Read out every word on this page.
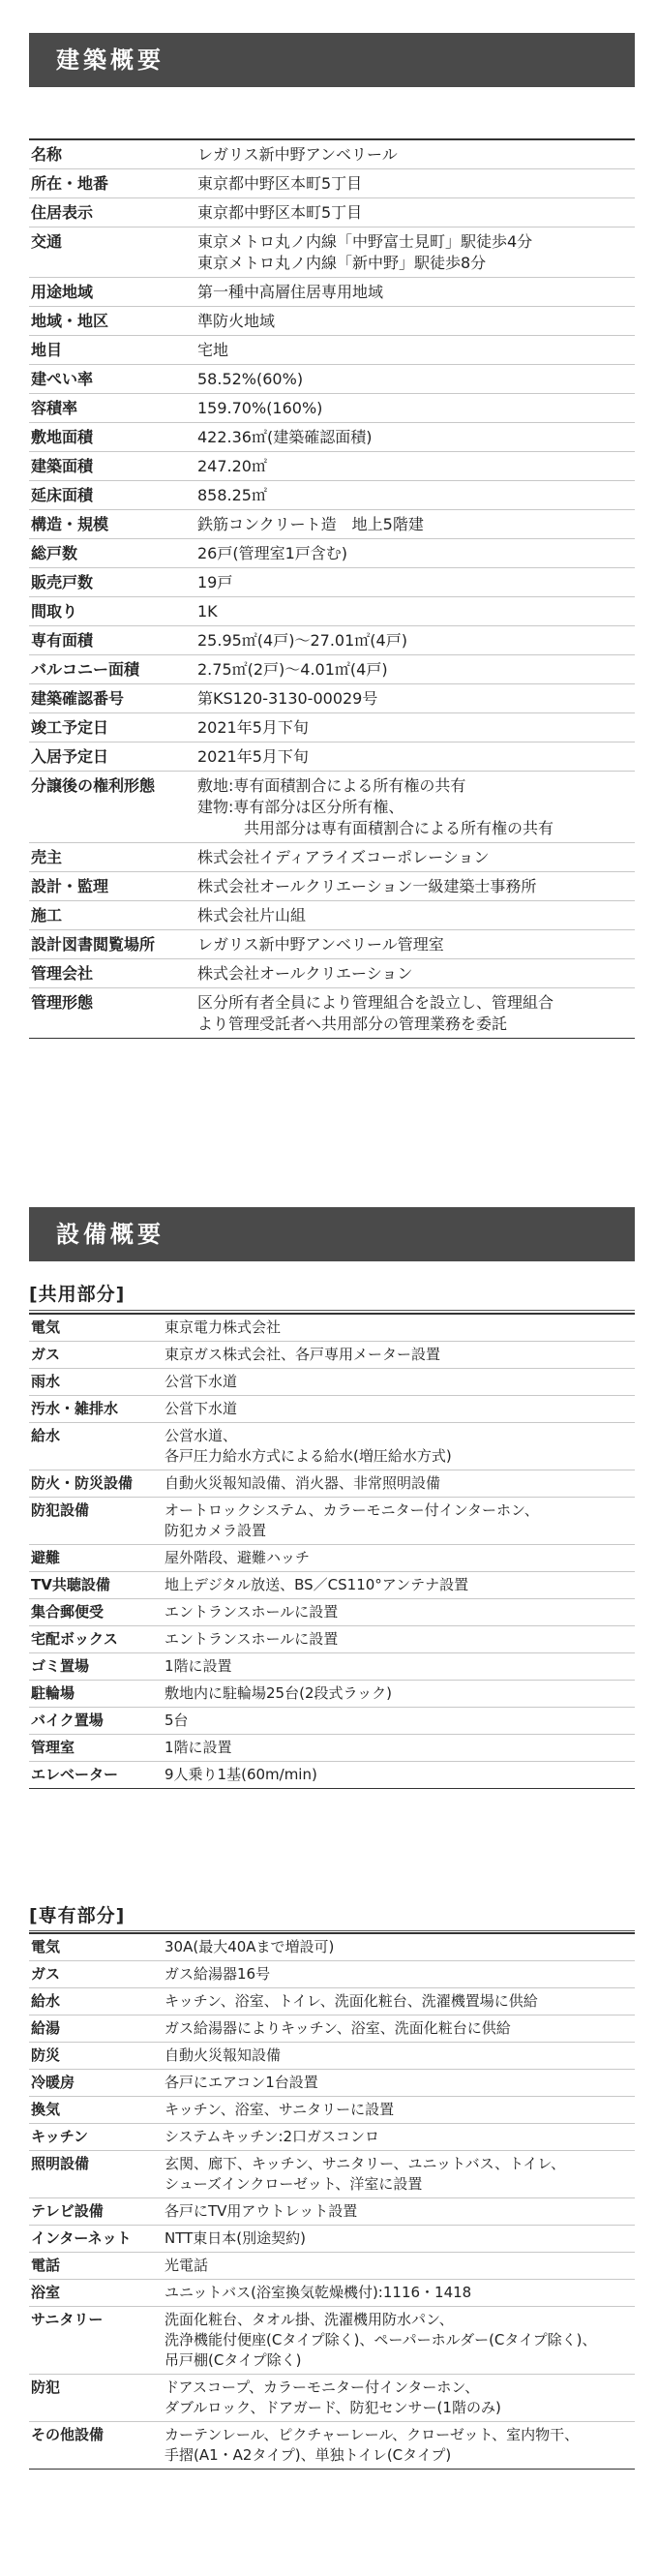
建築概要
名称	レガリス新中野アンベリール
所在・地番	東京都中野区本町5丁目
住居表示	東京都中野区本町5丁目
交通	東京メトロ丸ノ内線「中野富士見町」駅徒歩4分
東京メトロ丸ノ内線「新中野」駅徒歩8分
用途地域	第一種中高層住居専用地域
地域・地区	準防火地域
地目	宅地
建ぺい率	58.52%(60%)
容積率	159.70%(160%)
敷地面積	422.36㎡(建築確認面積)
建築面積	247.20㎡
延床面積	858.25㎡
構造・規模	鉄筋コンクリート造　地上5階建
総戸数	26戸(管理室1戸含む)
販売戸数	19戸
間取り	1K
専有面積	25.95㎡(4戸)～27.01㎡(4戸)
バルコニー面積	2.75㎡(2戸)～4.01㎡(4戸)
建築確認番号	第KS120-3130-00029号
竣工予定日	2021年5月下旬
入居予定日	2021年5月下旬
分譲後の権利形態	敷地:専有面積割合による所有権の共有
建物:専有部分は区分所有権、
　　　共用部分は専有面積割合による所有権の共有
売主	株式会社イディアライズコーポレーション
設計・監理	株式会社オールクリエーション一級建築士事務所
施工	株式会社片山組
設計図書閲覧場所	レガリス新中野アンベリール管理室
管理会社	株式会社オールクリエーション
管理形態	区分所有者全員により管理組合を設立し、管理組合
より管理受託者へ共用部分の管理業務を委託
設備概要
[共用部分]
電気	東京電力株式会社
ガス	東京ガス株式会社、各戸専用メーター設置
雨水	公営下水道
汚水・雑排水	公営下水道
給水	公営水道、
各戸圧力給水方式による給水(増圧給水方式)
防火・防災設備	自動火災報知設備、消火器、非常照明設備
防犯設備	オートロックシステム、カラーモニター付インターホン、
防犯カメラ設置
避難	屋外階段、避難ハッチ
TV共聴設備	地上デジタル放送、BS／CS110°アンテナ設置
集合郵便受	エントランスホールに設置
宅配ボックス	エントランスホールに設置
ゴミ置場	1階に設置
駐輪場	敷地内に駐輪場25台(2段式ラック)
バイク置場	5台
管理室	1階に設置
エレベーター	9人乗り1基(60m/min)
[専有部分]
電気	30A(最大40Aまで増設可)
ガス	ガス給湯器16号
給水	キッチン、浴室、トイレ、洗面化粧台、洗濯機置場に供給
給湯	ガス給湯器によりキッチン、浴室、洗面化粧台に供給
防災	自動火災報知設備
冷暖房	各戸にエアコン1台設置
換気	キッチン、浴室、サニタリーに設置
キッチン	システムキッチン:2口ガスコンロ
照明設備	玄関、廊下、キッチン、サニタリー、ユニットバス、トイレ、
シューズインクローゼット、洋室に設置
テレビ設備	各戸にTV用アウトレット設置
インターネット	NTT東日本(別途契約)
電話	光電話
浴室	ユニットバス(浴室換気乾燥機付):1116・1418
サニタリー	洗面化粧台、タオル掛、洗濯機用防水パン、
洗浄機能付便座(Cタイプ除く)、ペーパーホルダー(Cタイプ除く)、
吊戸棚(Cタイプ除く)
防犯	ドアスコープ、カラーモニター付インターホン、
ダブルロック、ドアガード、防犯センサー(1階のみ)
その他設備	カーテンレール、ピクチャーレール、クローゼット、室内物干、
手摺(A1・A2タイプ)、単独トイレ(Cタイプ)
